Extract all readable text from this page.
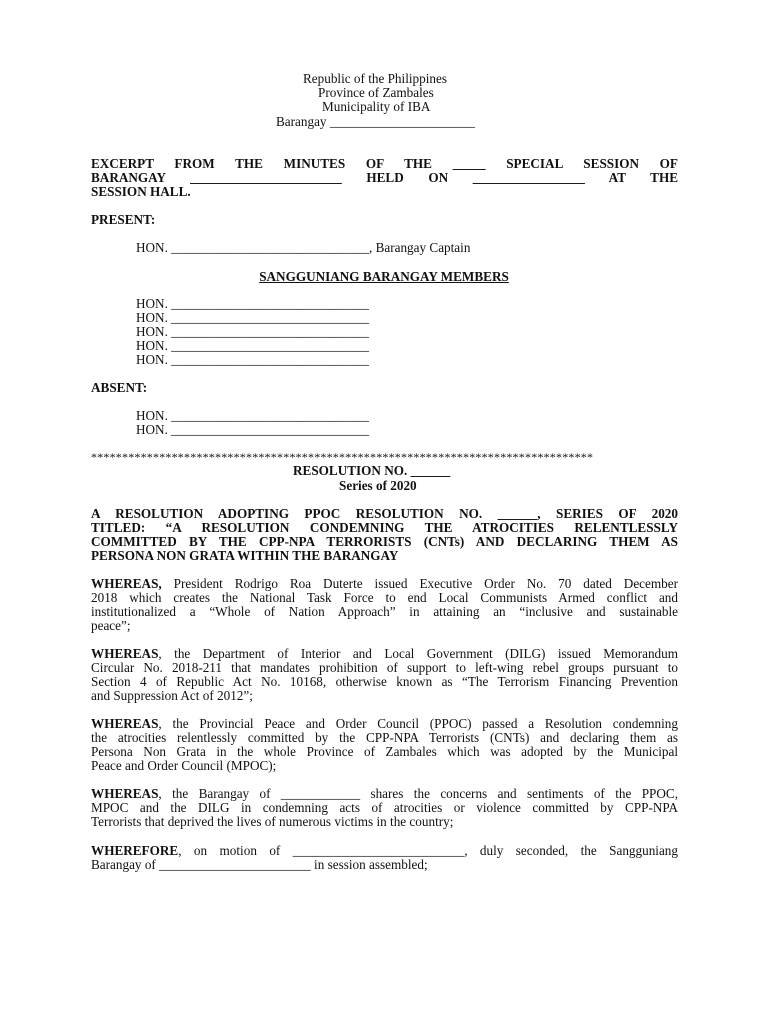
Republic of the Philippines
Province of Zambales
Municipality of IBA
Barangay ______________________
EXCERPT FROM THE MINUTES OF THE _____ SPECIAL SESSION OF
BARANGAY _______________________ HELD ON _________________ AT THE
SESSION HALL.
PRESENT:
HON. ______________________________, Barangay Captain
SANGGUNIANG BARANGAY MEMBERS
HON. ______________________________
HON. ______________________________
HON. ______________________________
HON. ______________________________
HON. ______________________________
ABSENT:
HON. ______________________________
HON. ______________________________
*********************************************************************************
RESOLUTION NO. ______
Series of 2020
A RESOLUTION ADOPTING PPOC RESOLUTION NO. ______, SERIES OF 2020
TITLED: “A RESOLUTION CONDEMNING THE ATROCITIES RELENTLESSLY
COMMITTED BY THE CPP-NPA TERRORISTS (CNTs) AND DECLARING THEM AS
PERSONA NON GRATA WITHIN THE BARANGAY
WHEREAS, President Rodrigo Roa Duterte issued Executive Order No. 70 dated December
2018 which creates the National Task Force to end Local Communists Armed conflict and
institutionalized a “Whole of Nation Approach” in attaining an “inclusive and sustainable
peace”;
WHEREAS, the Department of Interior and Local Government (DILG) issued Memorandum
Circular No. 2018-211 that mandates prohibition of support to left-wing rebel groups pursuant to
Section 4 of Republic Act No. 10168, otherwise known as “The Terrorism Financing Prevention
and Suppression Act of 2012”;
WHEREAS, the Provincial Peace and Order Council (PPOC) passed a Resolution condemning
the atrocities relentlessly committed by the CPP-NPA Terrorists (CNTs) and declaring them as
Persona Non Grata in the whole Province of Zambales which was adopted by the Municipal
Peace and Order Council (MPOC);
WHEREAS, the Barangay of ____________ shares the concerns and sentiments of the PPOC,
MPOC and the DILG in condemning acts of atrocities or violence committed by CPP-NPA
Terrorists that deprived the lives of numerous victims in the country;
WHEREFORE, on motion of __________________________, duly seconded, the Sangguniang
Barangay of _______________________ in session assembled;
